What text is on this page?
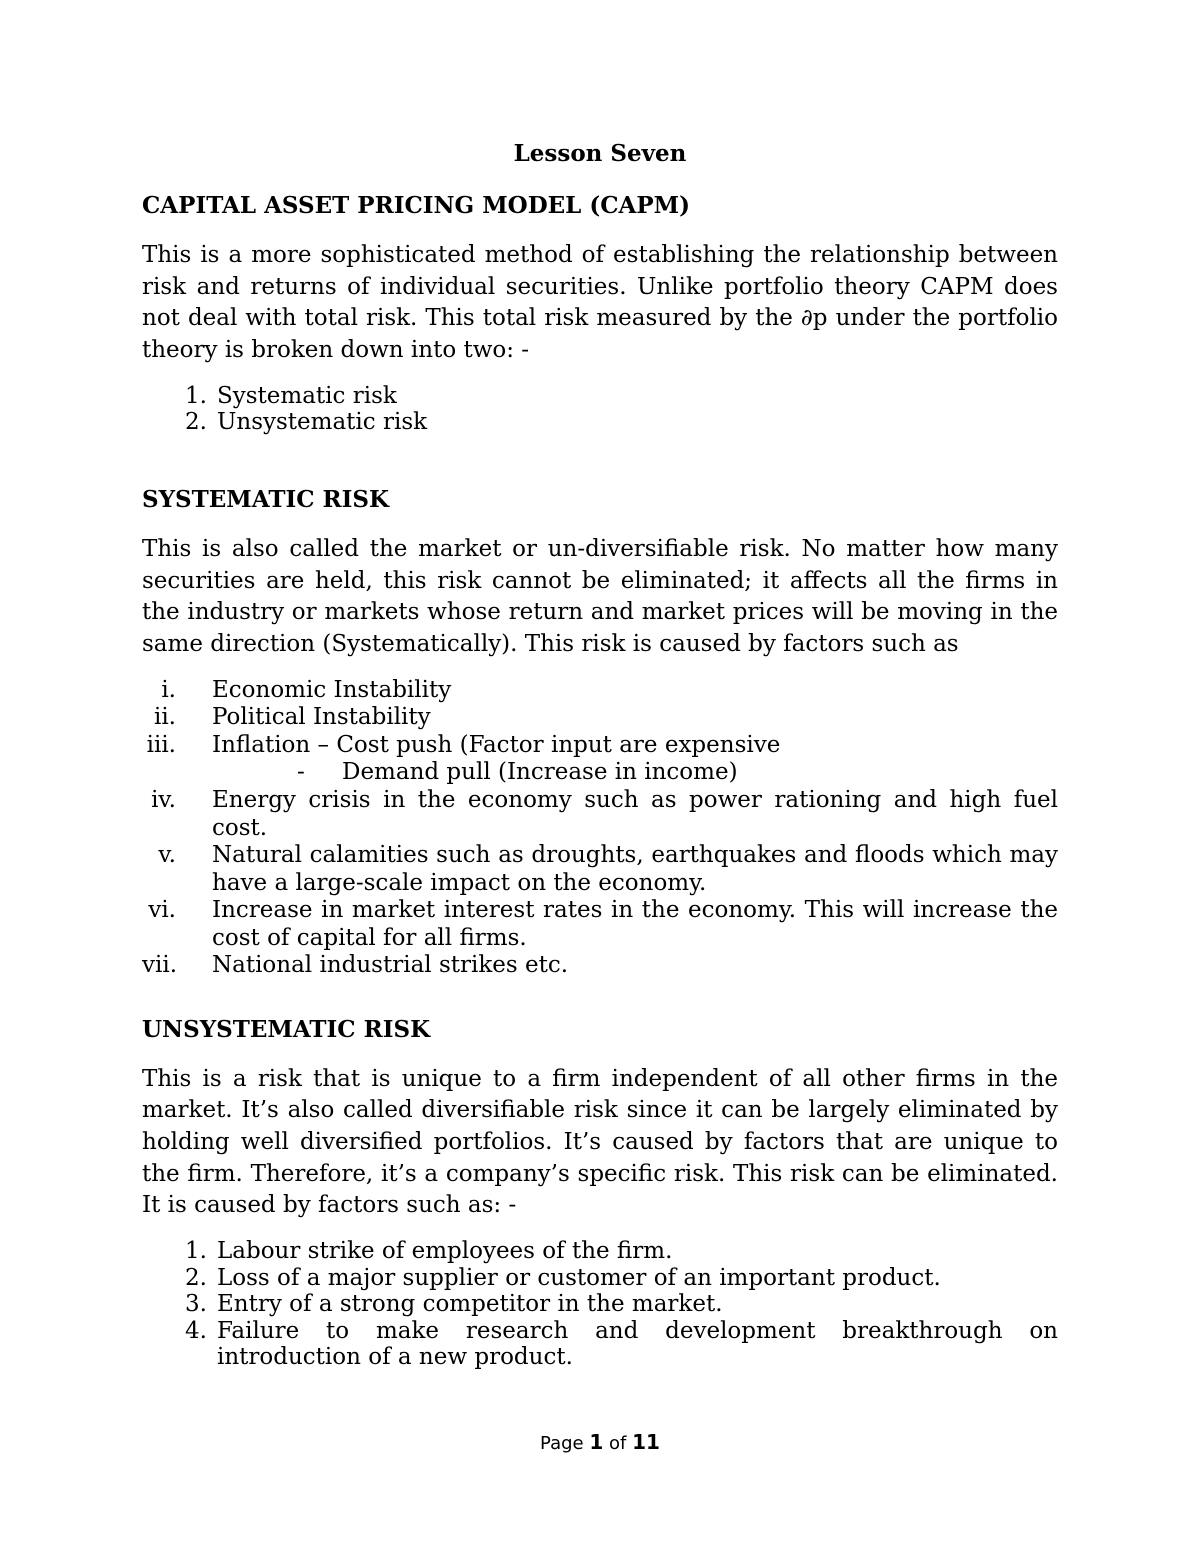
Lesson Seven
CAPITAL ASSET PRICING MODEL (CAPM)
This is a more sophisticated method of establishing the relationship between risk and returns of individual securities. Unlike portfolio theory CAPM does not deal with total risk. This total risk measured by the ∂p under the portfolio theory is broken down into two: -
1. Systematic risk
2. Unsystematic risk
SYSTEMATIC RISK
This is also called the market or un-diversifiable risk. No matter how many securities are held, this risk cannot be eliminated; it affects all the firms in the industry or markets whose return and market prices will be moving in the same direction (Systematically). This risk is caused by factors such as
i. Economic Instability
ii. Political Instability
iii. Inflation – Cost push (Factor input are expensive
- Demand pull (Increase in income)
iv. Energy crisis in the economy such as power rationing and high fuel cost.
v. Natural calamities such as droughts, earthquakes and floods which may have a large-scale impact on the economy.
vi. Increase in market interest rates in the economy. This will increase the cost of capital for all firms.
vii. National industrial strikes etc.
UNSYSTEMATIC RISK
This is a risk that is unique to a firm independent of all other firms in the market. It’s also called diversifiable risk since it can be largely eliminated by holding well diversified portfolios. It’s caused by factors that are unique to the firm. Therefore, it’s a company’s specific risk. This risk can be eliminated. It is caused by factors such as: -
1. Labour strike of employees of the firm.
2. Loss of a major supplier or customer of an important product.
3. Entry of a strong competitor in the market.
4. Failure to make research and development breakthrough on introduction of a new product.
Page 1 of 11
